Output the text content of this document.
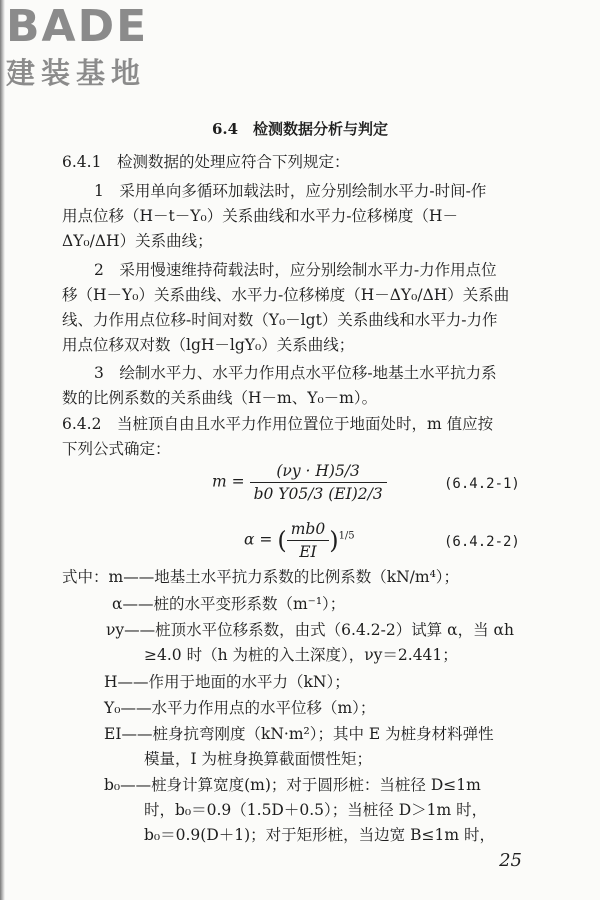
BADE
建装基地
6.4　检测数据分析与判定
6.4.1　检测数据的处理应符合下列规定：
1　采用单向多循环加载法时，应分别绘制水平力-时间-作
用点位移（H－t－Y₀）关系曲线和水平力-位移梯度（H－
ΔY₀/ΔH）关系曲线；
2　采用慢速维持荷载法时，应分别绘制水平力-力作用点位
移（H－Y₀）关系曲线、水平力-位移梯度（H－ΔY₀/ΔH）关系曲
线、力作用点位移-时间对数（Y₀－lgt）关系曲线和水平力-力作
用点位移双对数（lgH－lgY₀）关系曲线；
3　绘制水平力、水平力作用点水平位移-地基土水平抗力系
数的比例系数的关系曲线（H－m、Y₀－m）。
6.4.2　当桩顶自由且水平力作用位置位于地面处时，m 值应按
下列公式确定：
$m = \frac{(\nu y \cdot H)5/3}{b0 Y05/3 (EI)2/3}$	(6.4.2-1)
α = ( $\frac{mb0}{EI} )^{1/5}$	(6.4.2-2)
式中：m——地基土水平抗力系数的比例系数（kN/m⁴）；
α——桩的水平变形系数（m⁻¹）；
νy——桩顶水平位移系数，由式（6.4.2-2）试算 α，当 αh
≥4.0 时（h 为桩的入土深度），νy＝2.441；
H——作用于地面的水平力（kN）；
Y₀——水平力作用点的水平位移（m）；
EI——桩身抗弯刚度（kN·m²）；其中 E 为桩身材料弹性
模量，I 为桩身换算截面惯性矩；
b₀——桩身计算宽度(m)；对于圆形桩：当桩径 D≤1m
时，b₀＝0.9（1.5D＋0.5）；当桩径 D＞1m 时，
b₀＝0.9(D＋1)；对于矩形桩，当边宽 B≤1m 时，
25
